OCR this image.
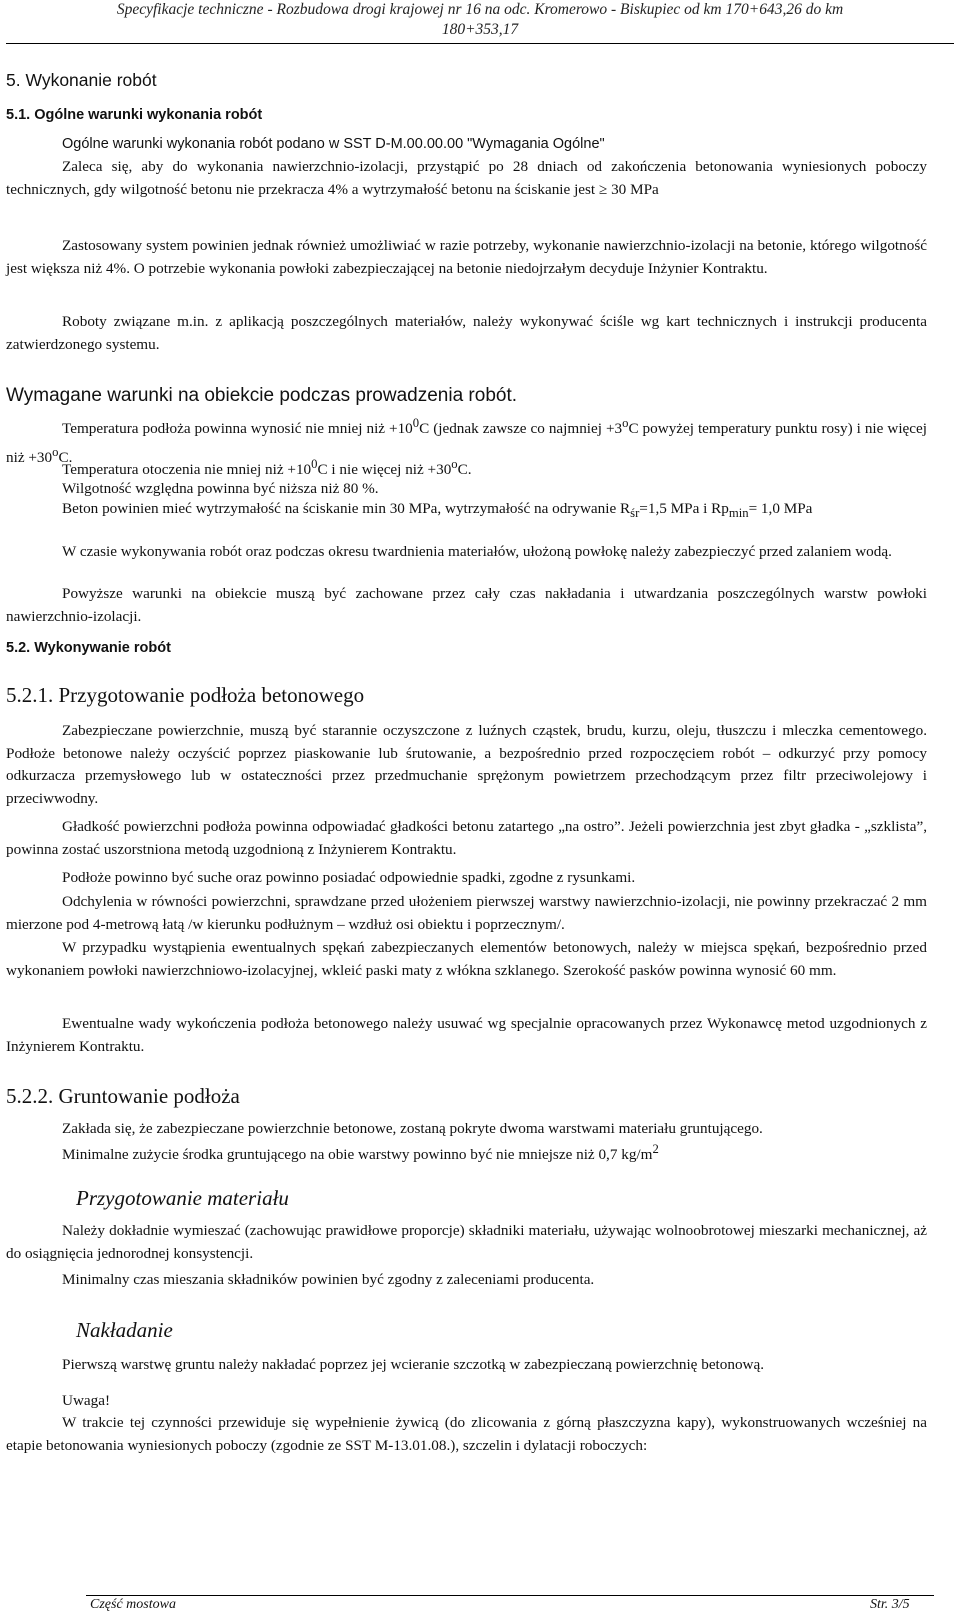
Specyfikacje techniczne - Rozbudowa drogi krajowej nr 16 na odc. Kromerowo - Biskupiec od km 170+643,26 do km
180+353,17
5. Wykonanie robót
5.1. Ogólne warunki wykonania robót
Ogólne warunki wykonania robót podano w SST D-M.00.00.00 "Wymagania Ogólne"
Zaleca się, aby do wykonania nawierzchnio-izolacji, przystąpić po 28 dniach od zakończenia betonowania wyniesionych poboczy technicznych, gdy wilgotność betonu nie przekracza 4% a wytrzymałość betonu na ściskanie jest ≥ 30 MPa
Zastosowany system powinien jednak również umożliwiać w razie potrzeby, wykonanie nawierzchnio-izolacji na betonie, którego wilgotność jest większa niż 4%. O potrzebie wykonania powłoki zabezpieczającej na betonie niedojrzałym decyduje Inżynier Kontraktu.
Roboty związane m.in. z aplikacją poszczególnych materiałów, należy wykonywać ściśle wg kart technicznych i instrukcji producenta zatwierdzonego systemu.
Wymagane warunki na obiekcie podczas prowadzenia robót.
Temperatura podłoża powinna wynosić nie mniej niż $+10^0C$ (jednak zawsze co najmniej $+3^oC$ powyżej temperatury punktu rosy) i nie więcej niż $+30^oC$.
Temperatura otoczenia nie mniej niż $+10^0C$ i nie więcej niż $+30^oC$.
Wilgotność względna powinna być niższa niż 80 %.
Beton powinien mieć wytrzymałość na ściskanie min 30 MPa, wytrzymałość na odrywanie $R_{śr}=1,5$ MPa i $Rp_{min}= 1,0$ MPa
W czasie wykonywania robót oraz podczas okresu twardnienia materiałów, ułożoną powłokę należy zabezpieczyć przed zalaniem wodą.
Powyższe warunki na obiekcie muszą być zachowane przez cały czas nakładania i utwardzania poszczególnych warstw powłoki nawierzchnio-izolacji.
5.2. Wykonywanie robót
5.2.1. Przygotowanie podłoża betonowego
Zabezpieczane powierzchnie, muszą być starannie oczyszczone z luźnych cząstek, brudu, kurzu, oleju, tłuszczu i mleczka cementowego. Podłoże betonowe należy oczyścić poprzez piaskowanie lub śrutowanie, a bezpośrednio przed rozpoczęciem robót – odkurzyć przy pomocy odkurzacza przemysłowego lub w ostateczności przez przedmuchanie sprężonym powietrzem przechodzącym przez filtr przeciwolejowy i przeciwwodny.
Gładkość powierzchni podłoża powinna odpowiadać gładkości betonu zatartego „na ostro”. Jeżeli powierzchnia jest zbyt gładka - „szklista”, powinna zostać uszorstniona metodą uzgodnioną z Inżynierem Kontraktu.
Podłoże powinno być suche oraz powinno posiadać odpowiednie spadki, zgodne z rysunkami.
Odchylenia w równości powierzchni, sprawdzane przed ułożeniem pierwszej warstwy nawierzchnio-izolacji, nie powinny przekraczać 2 mm mierzone pod 4-metrową łatą /w kierunku podłużnym – wzdłuż osi obiektu i poprzecznym/.
W przypadku wystąpienia ewentualnych spękań zabezpieczanych elementów betonowych, należy w miejsca spękań, bezpośrednio przed wykonaniem powłoki nawierzchniowo-izolacyjnej, wkleić paski maty z włókna szklanego. Szerokość pasków powinna wynosić 60 mm.
Ewentualne wady wykończenia podłoża betonowego należy usuwać wg specjalnie opracowanych przez Wykonawcę metod uzgodnionych z Inżynierem Kontraktu.
5.2.2. Gruntowanie podłoża
Zakłada się, że zabezpieczane powierzchnie betonowe, zostaną pokryte dwoma warstwami materiału gruntującego.
Minimalne zużycie środka gruntującego na obie warstwy powinno być nie mniejsze niż 0,7 $kg/m^2$
Przygotowanie materiału
Należy dokładnie wymieszać (zachowując prawidłowe proporcje) składniki materiału, używając wolnoobrotowej mieszarki mechanicznej, aż do osiągnięcia jednorodnej konsystencji.
Minimalny czas mieszania składników powinien być zgodny z zaleceniami producenta.
Nakładanie
Pierwszą warstwę gruntu należy nakładać poprzez jej wcieranie szczotką w zabezpieczaną powierzchnię betonową.
Uwaga!
W trakcie tej czynności przewiduje się wypełnienie żywicą (do zlicowania z górną płaszczyzna kapy), wykonstruowanych wcześniej na etapie betonowania wyniesionych poboczy (zgodnie ze SST M-13.01.08.), szczelin i dylatacji roboczych:
Część mostowa	Str. 3/5
